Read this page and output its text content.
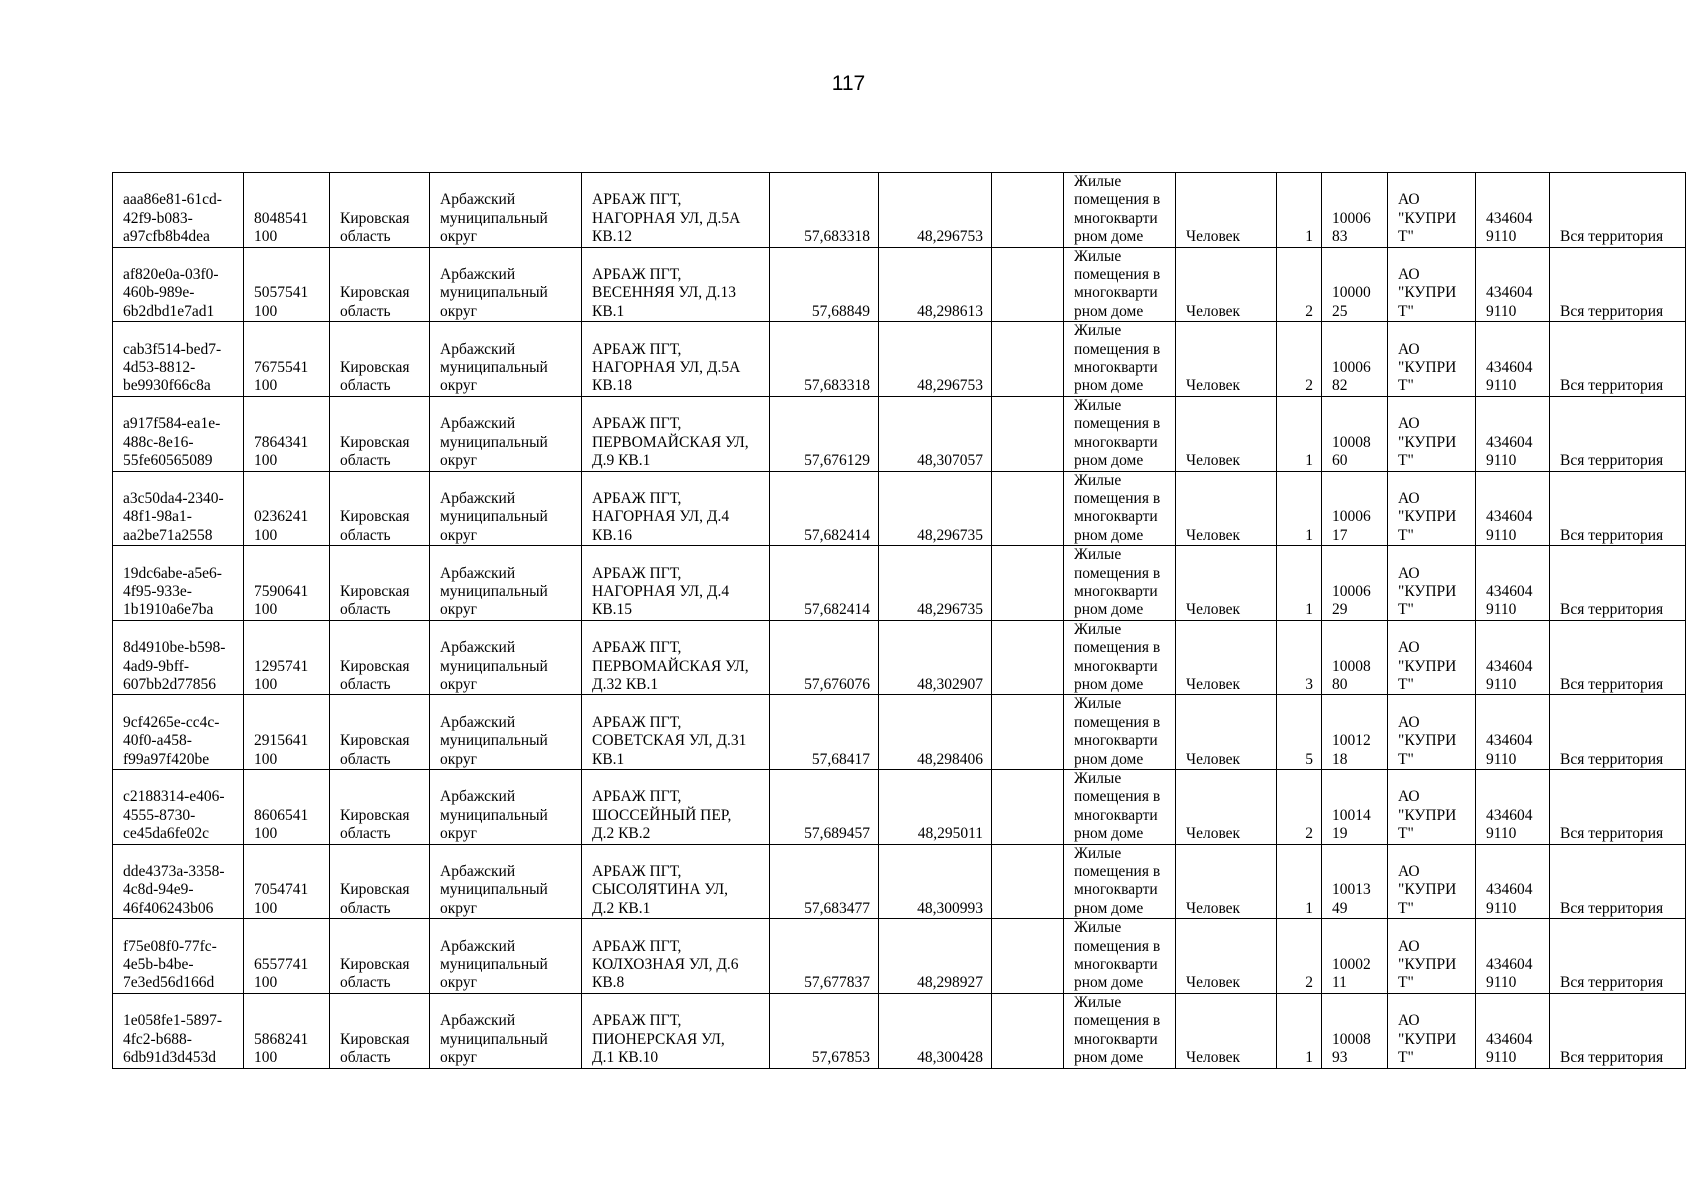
117
aaa86e81-61cd-
42f9-b083-
a97cfb8b4dea	8048541
100	Кировская
область	Арбажский
муниципальный
округ	АРБАЖ ПГТ,
НАГОРНАЯ УЛ, Д.5А
КВ.12	57,683318	48,296753		Жилые
помещения в
многокварти
рном доме	Человек	1	10006
83	АО
"КУПРИ
Т"	434604
9110	Вся территория
af820e0a-03f0-
460b-989e-
6b2dbd1e7ad1	5057541
100	Кировская
область	Арбажский
муниципальный
округ	АРБАЖ ПГТ,
ВЕСЕННЯЯ УЛ, Д.13
КВ.1	57,68849	48,298613		Жилые
помещения в
многокварти
рном доме	Человек	2	10000
25	АО
"КУПРИ
Т"	434604
9110	Вся территория
cab3f514-bed7-
4d53-8812-
be9930f66c8a	7675541
100	Кировская
область	Арбажский
муниципальный
округ	АРБАЖ ПГТ,
НАГОРНАЯ УЛ, Д.5А
КВ.18	57,683318	48,296753		Жилые
помещения в
многокварти
рном доме	Человек	2	10006
82	АО
"КУПРИ
Т"	434604
9110	Вся территория
a917f584-ea1e-
488c-8e16-
55fe60565089	7864341
100	Кировская
область	Арбажский
муниципальный
округ	АРБАЖ ПГТ,
ПЕРВОМАЙСКАЯ УЛ,
Д.9 КВ.1	57,676129	48,307057		Жилые
помещения в
многокварти
рном доме	Человек	1	10008
60	АО
"КУПРИ
Т"	434604
9110	Вся территория
a3c50da4-2340-
48f1-98a1-
aa2be71a2558	0236241
100	Кировская
область	Арбажский
муниципальный
округ	АРБАЖ ПГТ,
НАГОРНАЯ УЛ, Д.4
КВ.16	57,682414	48,296735		Жилые
помещения в
многокварти
рном доме	Человек	1	10006
17	АО
"КУПРИ
Т"	434604
9110	Вся территория
19dc6abe-a5e6-
4f95-933e-
1b1910a6e7ba	7590641
100	Кировская
область	Арбажский
муниципальный
округ	АРБАЖ ПГТ,
НАГОРНАЯ УЛ, Д.4
КВ.15	57,682414	48,296735		Жилые
помещения в
многокварти
рном доме	Человек	1	10006
29	АО
"КУПРИ
Т"	434604
9110	Вся территория
8d4910be-b598-
4ad9-9bff-
607bb2d77856	1295741
100	Кировская
область	Арбажский
муниципальный
округ	АРБАЖ ПГТ,
ПЕРВОМАЙСКАЯ УЛ,
Д.32 КВ.1	57,676076	48,302907		Жилые
помещения в
многокварти
рном доме	Человек	3	10008
80	АО
"КУПРИ
Т"	434604
9110	Вся территория
9cf4265e-cc4c-
40f0-a458-
f99a97f420be	2915641
100	Кировская
область	Арбажский
муниципальный
округ	АРБАЖ ПГТ,
СОВЕТСКАЯ УЛ, Д.31
КВ.1	57,68417	48,298406		Жилые
помещения в
многокварти
рном доме	Человек	5	10012
18	АО
"КУПРИ
Т"	434604
9110	Вся территория
c2188314-e406-
4555-8730-
ce45da6fe02c	8606541
100	Кировская
область	Арбажский
муниципальный
округ	АРБАЖ ПГТ,
ШОССЕЙНЫЙ ПЕР,
Д.2 КВ.2	57,689457	48,295011		Жилые
помещения в
многокварти
рном доме	Человек	2	10014
19	АО
"КУПРИ
Т"	434604
9110	Вся территория
dde4373a-3358-
4c8d-94e9-
46f406243b06	7054741
100	Кировская
область	Арбажский
муниципальный
округ	АРБАЖ ПГТ,
СЫСОЛЯТИНА УЛ,
Д.2 КВ.1	57,683477	48,300993		Жилые
помещения в
многокварти
рном доме	Человек	1	10013
49	АО
"КУПРИ
Т"	434604
9110	Вся территория
f75e08f0-77fc-
4e5b-b4be-
7e3ed56d166d	6557741
100	Кировская
область	Арбажский
муниципальный
округ	АРБАЖ ПГТ,
КОЛХОЗНАЯ УЛ, Д.6
КВ.8	57,677837	48,298927		Жилые
помещения в
многокварти
рном доме	Человек	2	10002
11	АО
"КУПРИ
Т"	434604
9110	Вся территория
1e058fe1-5897-
4fc2-b688-
6db91d3d453d	5868241
100	Кировская
область	Арбажский
муниципальный
округ	АРБАЖ ПГТ,
ПИОНЕРСКАЯ УЛ,
Д.1 КВ.10	57,67853	48,300428		Жилые
помещения в
многокварти
рном доме	Человек	1	10008
93	АО
"КУПРИ
Т"	434604
9110	Вся территория
